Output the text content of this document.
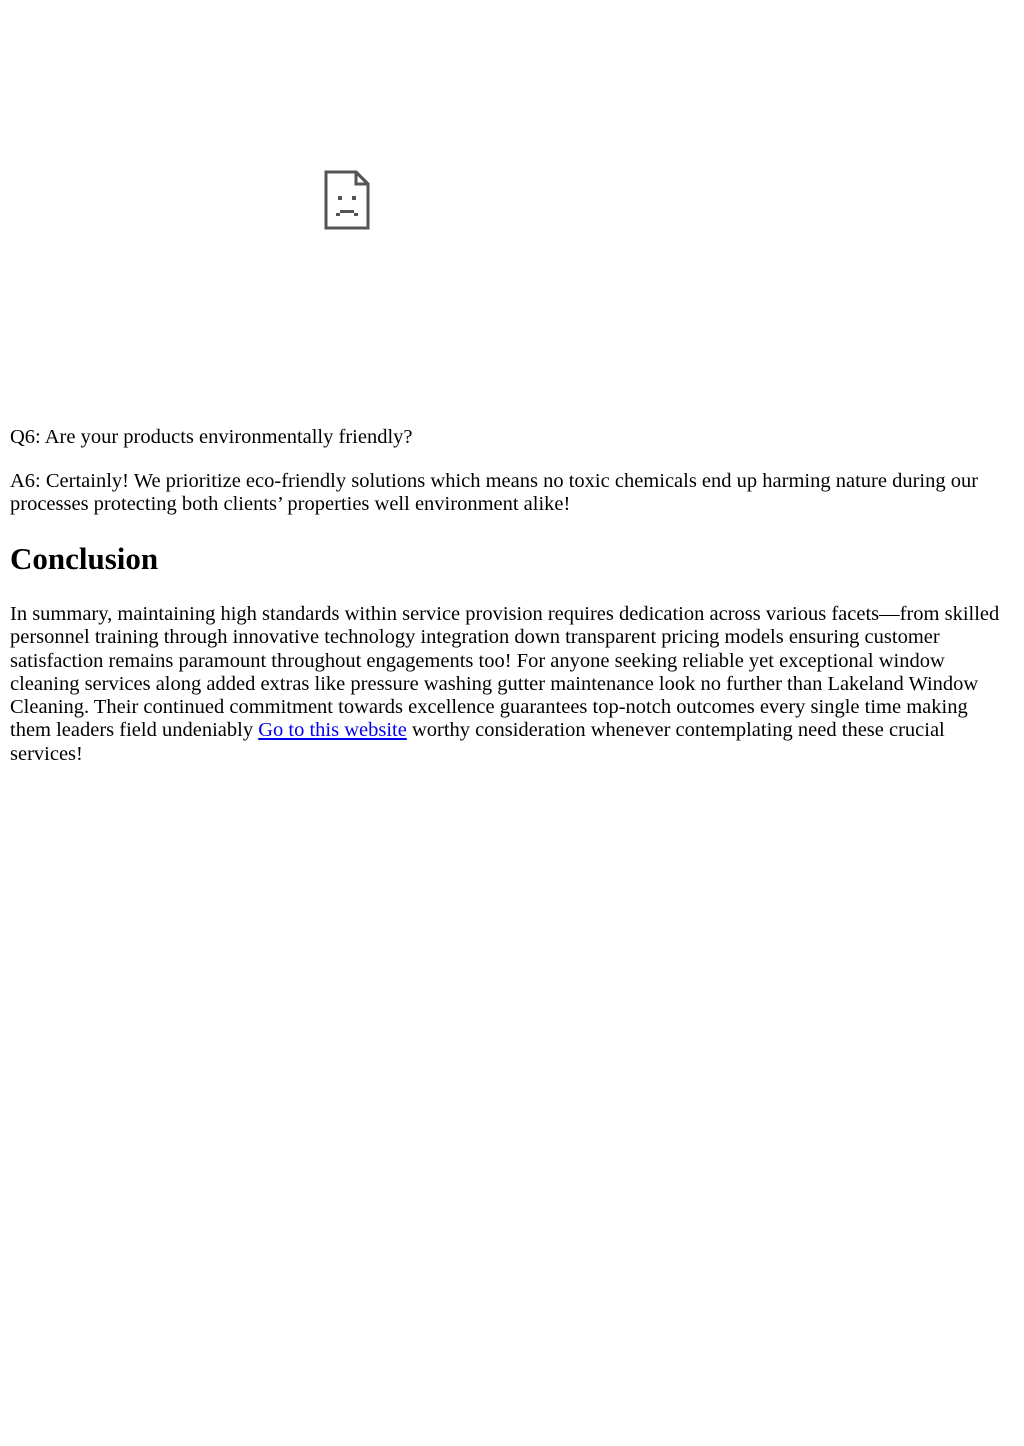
Q6: Are your products environmentally friendly?

A6: Certainly! We prioritize eco-friendly solutions which means no toxic chemicals end up harming nature during our processes protecting both clients’ properties well environment alike!

Conclusion

In summary, maintaining high standards within service provision requires dedication across various facets—from skilled personnel training through innovative technology integration down transparent pricing models ensuring customer satisfaction remains paramount throughout engagements too! For anyone seeking reliable yet exceptional window cleaning services along added extras like pressure washing gutter maintenance look no further than Lakeland Window Cleaning. Their continued commitment towards excellence guarantees top-notch outcomes every single time making them leaders field undeniably Go to this website worthy consideration whenever contemplating need these crucial services!
